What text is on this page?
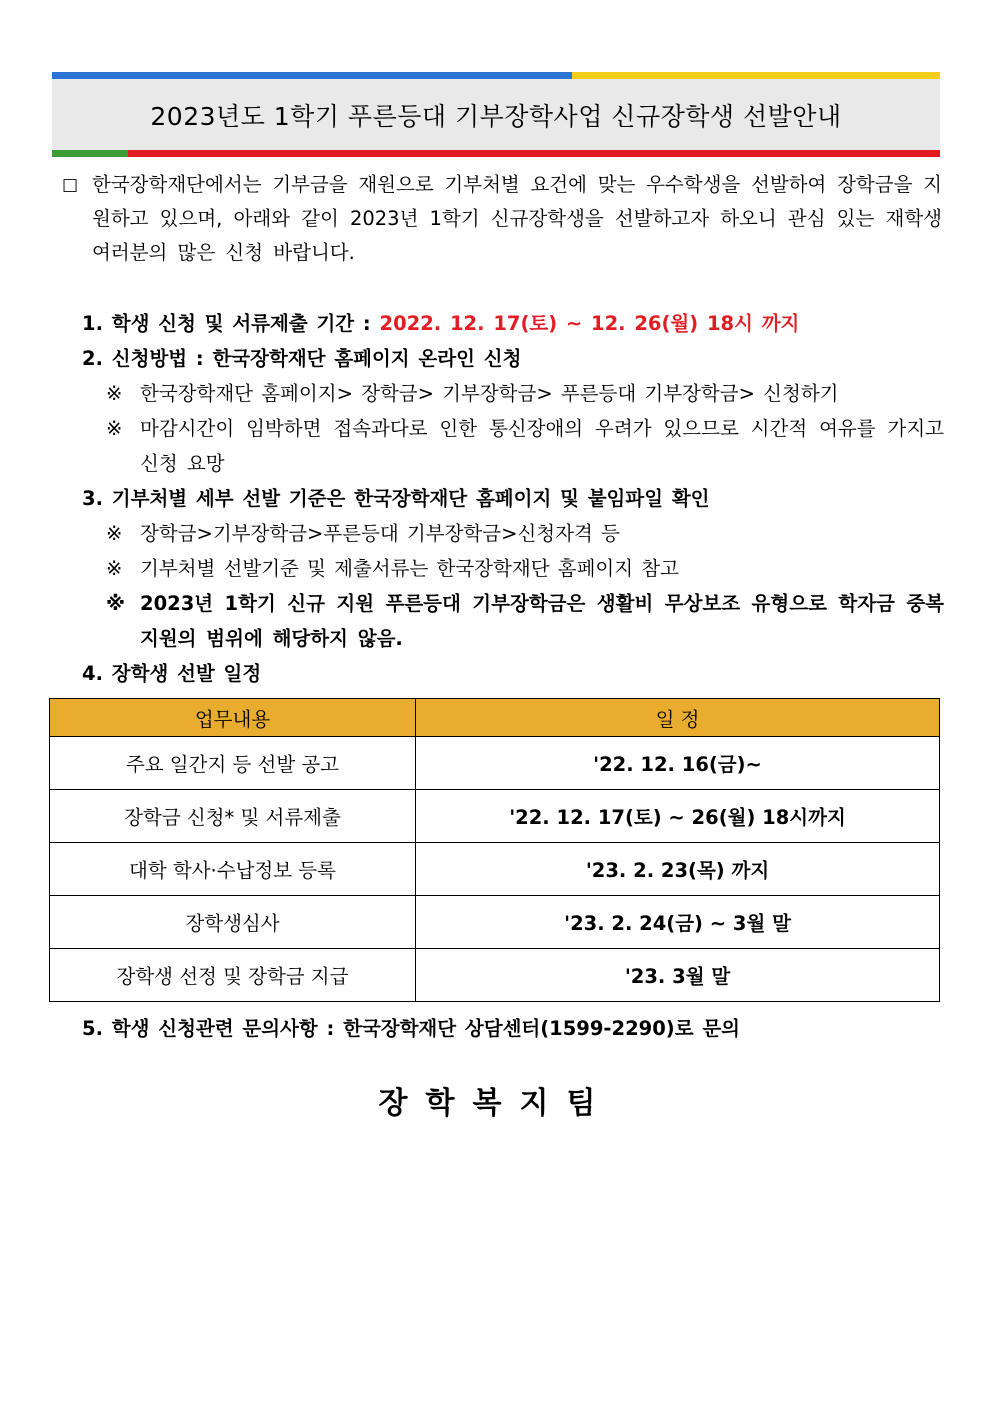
2023년도 1학기 푸른등대 기부장학사업 신규장학생 선발안내
□ 한국장학재단에서는 기부금을 재원으로 기부처별 요건에 맞는 우수학생을 선발하여 장학금을 지원하고 있으며, 아래와 같이 2023년 1학기 신규장학생을 선발하고자 하오니 관심 있는 재학생 여러분의 많은 신청 바랍니다.
1. 학생 신청 및 서류제출 기간 : 2022. 12. 17(토) ~ 12. 26(월) 18시 까지
2. 신청방법 : 한국장학재단 홈페이지 온라인 신청
※ 한국장학재단 홈페이지> 장학금> 기부장학금> 푸른등대 기부장학금> 신청하기
※ 마감시간이 임박하면 접속과다로 인한 통신장애의 우려가 있으므로 시간적 여유를 가지고 신청 요망
3. 기부처별 세부 선발 기준은 한국장학재단 홈페이지 및 붙임파일 확인
※ 장학금>기부장학금>푸른등대 기부장학금>신청자격 등
※ 기부처별 선발기준 및 제출서류는 한국장학재단 홈페이지 참고
※ 2023년 1학기 신규 지원 푸른등대 기부장학금은 생활비 무상보조 유형으로 학자금 중복지원의 범위에 해당하지 않음.
4. 장학생 선발 일정
업무내용	일 정
주요 일간지 등 선발 공고	'22. 12. 16(금)~
장학금 신청* 및 서류제출	'22. 12. 17(토) ~ 26(월) 18시까지
대학 학사·수납정보 등록	'23. 2. 23(목) 까지
장학생심사	'23. 2. 24(금) ~ 3월 말
장학생 선정 및 장학금 지급	'23. 3월 말
5. 학생 신청관련 문의사항 : 한국장학재단 상담센터(1599-2290)로 문의
장학복지팀
